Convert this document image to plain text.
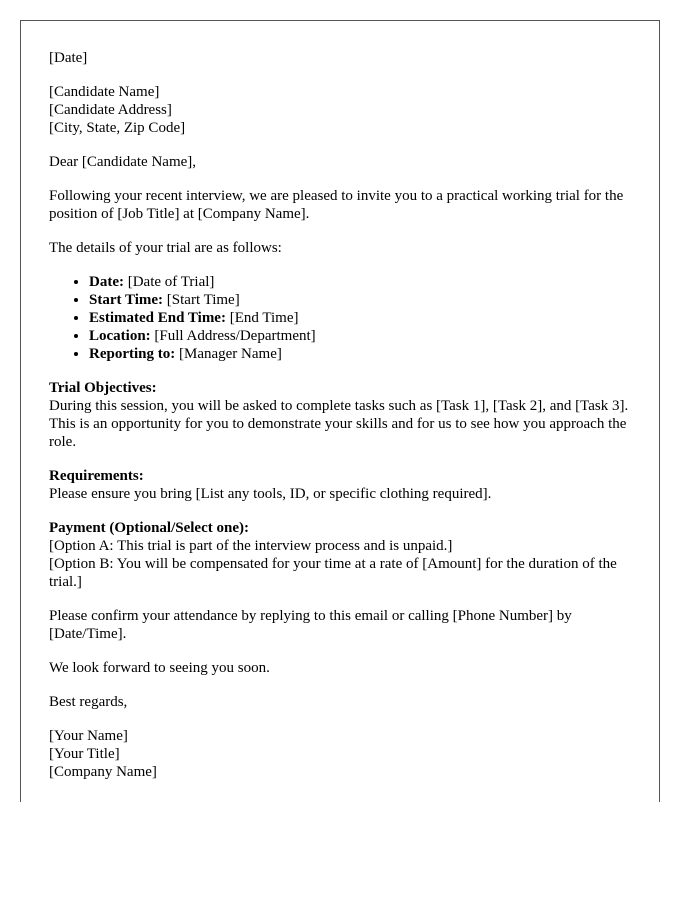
[Date]

[Candidate Name]
[Candidate Address]
[City, State, Zip Code]

Dear [Candidate Name],

Following your recent interview, we are pleased to invite you to a practical working trial for the position of [Job Title] at [Company Name].

The details of your trial are as follows:

• Date: [Date of Trial]
• Start Time: [Start Time]
• Estimated End Time: [End Time]
• Location: [Full Address/Department]
• Reporting to: [Manager Name]

Trial Objectives:
During this session, you will be asked to complete tasks such as [Task 1], [Task 2], and [Task 3]. This is an opportunity for you to demonstrate your skills and for us to see how you approach the role.

Requirements:
Please ensure you bring [List any tools, ID, or specific clothing required].

Payment (Optional/Select one):
[Option A: This trial is part of the interview process and is unpaid.]
[Option B: You will be compensated for your time at a rate of [Amount] for the duration of the trial.]

Please confirm your attendance by replying to this email or calling [Phone Number] by [Date/Time].

We look forward to seeing you soon.

Best regards,

[Your Name]
[Your Title]
[Company Name]
